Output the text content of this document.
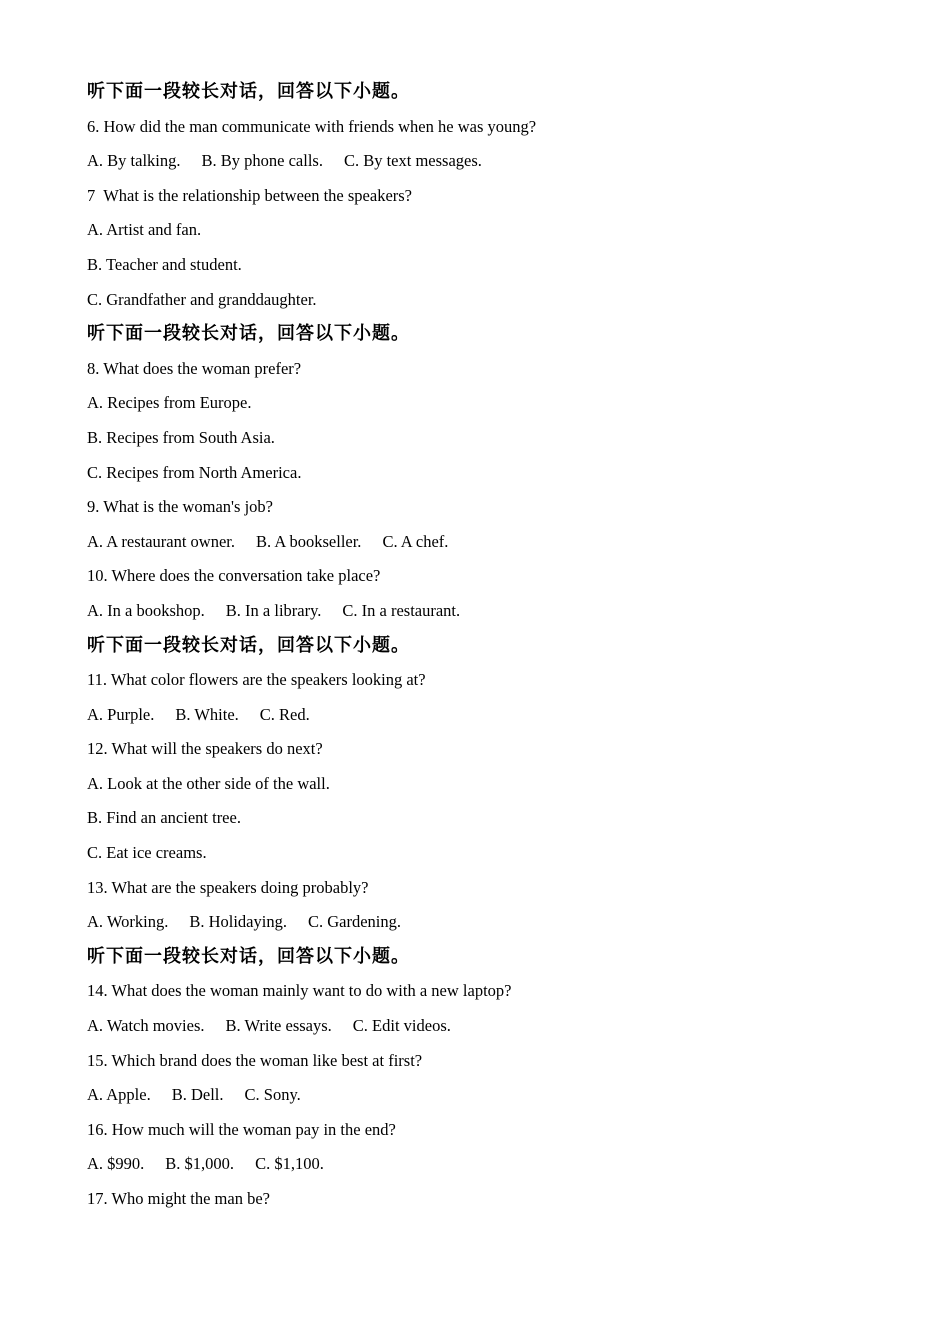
听下面一段较长对话，回答以下小题。
6. How did the man communicate with friends when he was young?
A. By talking. B. By phone calls. C. By text messages.
7  What is the relationship between the speakers?
A. Artist and fan.
B. Teacher and student.
C. Grandfather and granddaughter.
听下面一段较长对话，回答以下小题。
8. What does the woman prefer?
A. Recipes from Europe.
B. Recipes from South Asia.
C. Recipes from North America.
9. What is the woman's job?
A. A restaurant owner. B. A bookseller. C. A chef.
10. Where does the conversation take place?
A. In a bookshop. B. In a library. C. In a restaurant.
听下面一段较长对话，回答以下小题。
11. What color flowers are the speakers looking at?
A. Purple. B. White. C. Red.
12. What will the speakers do next?
A. Look at the other side of the wall.
B. Find an ancient tree.
C. Eat ice creams.
13. What are the speakers doing probably?
A. Working. B. Holidaying. C. Gardening.
听下面一段较长对话，回答以下小题。
14. What does the woman mainly want to do with a new laptop?
A. Watch movies. B. Write essays. C. Edit videos.
15. Which brand does the woman like best at first?
A. Apple. B. Dell. C. Sony.
16. How much will the woman pay in the end?
A. $990. B. $1,000. C. $1,100.
17. Who might the man be?
